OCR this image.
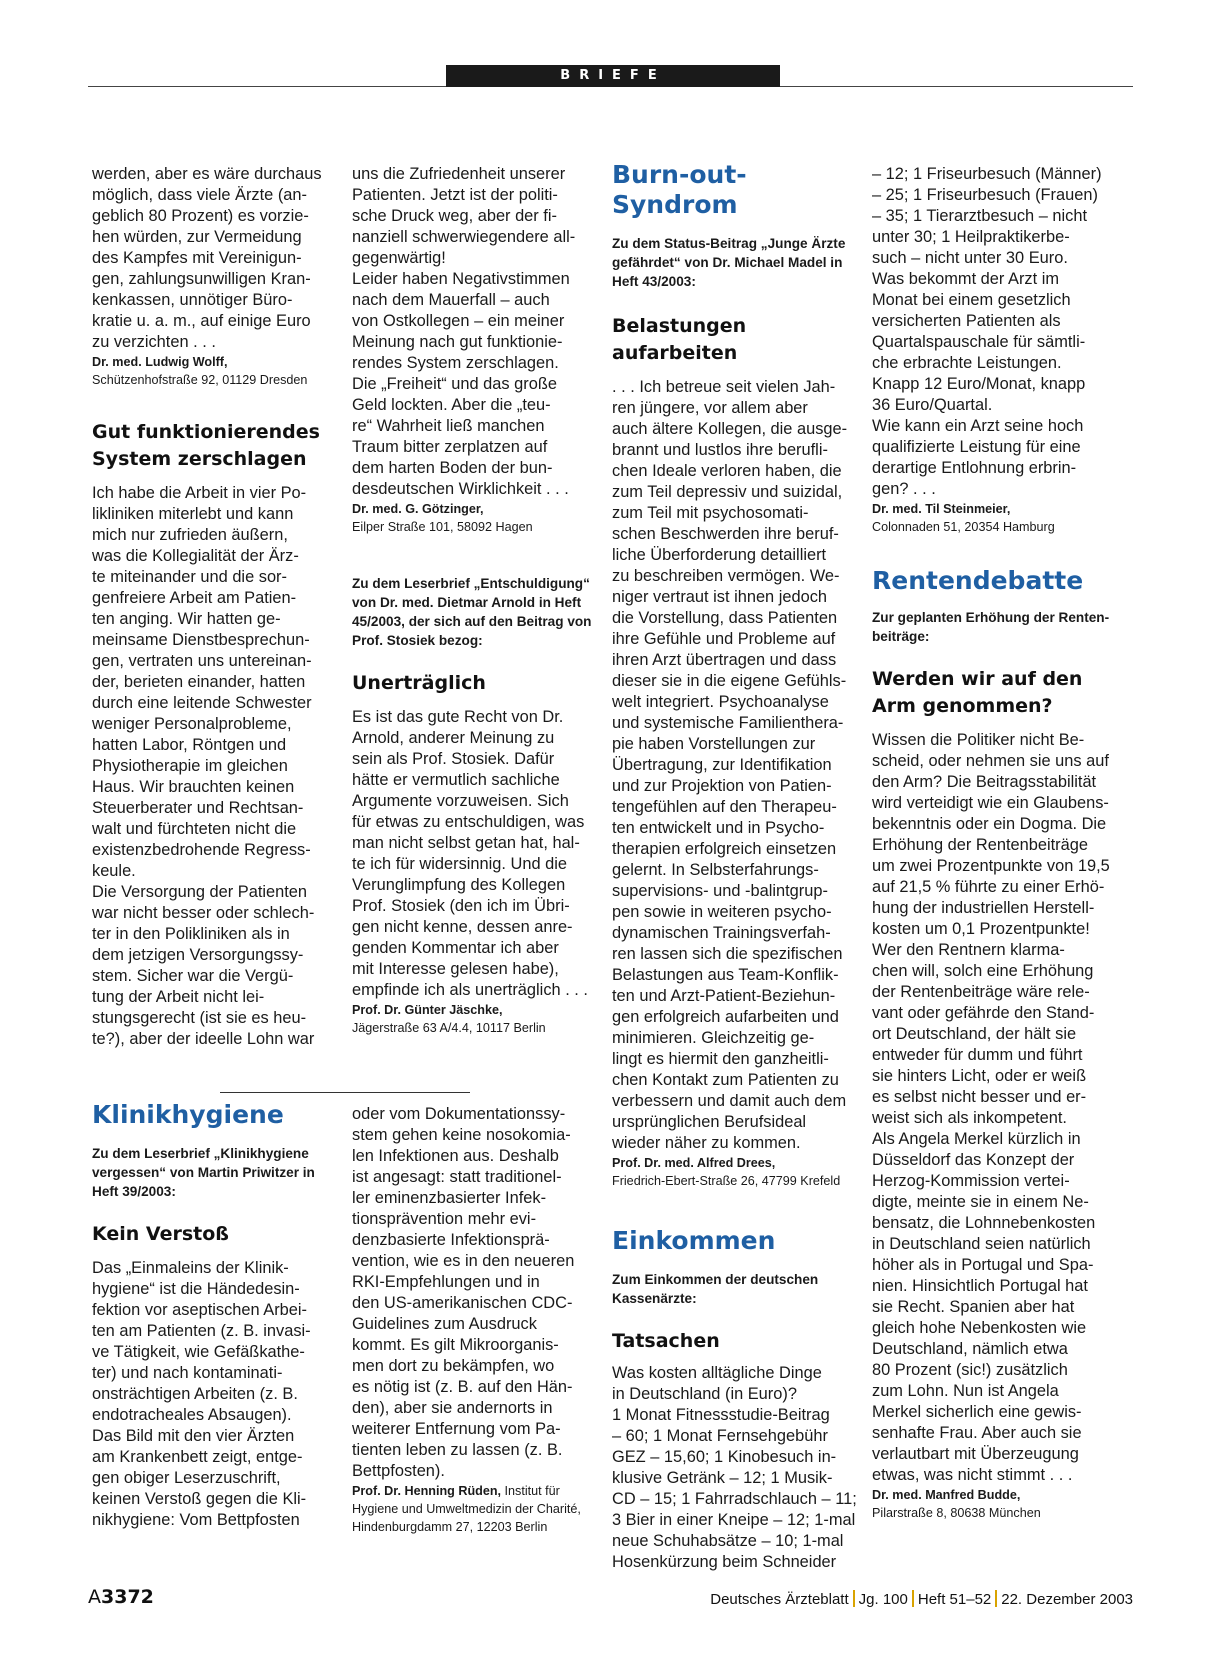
BRIEFE
werden, aber es wäre durchaus
möglich, dass viele Ärzte (an-
geblich 80 Prozent) es vorzie-
hen würden, zur Vermeidung
des Kampfes mit Vereinigun-
gen, zahlungsunwilligen Kran-
kenkassen, unnötiger Büro-
kratie u. a. m., auf einige Euro
zu verzichten . . .
Dr. med. Ludwig Wolff,
Schützenhofstraße 92, 01129 Dresden
Gut funktionierendes
System zerschlagen
Ich habe die Arbeit in vier Po-
likliniken miterlebt und kann
mich nur zufrieden äußern,
was die Kollegialität der Ärz-
te miteinander und die sor-
genfreiere Arbeit am Patien-
ten anging. Wir hatten ge-
meinsame Dienstbesprechun-
gen, vertraten uns untereinan-
der, berieten einander, hatten
durch eine leitende Schwester
weniger Personalprobleme,
hatten Labor, Röntgen und
Physiotherapie im gleichen
Haus. Wir brauchten keinen
Steuerberater und Rechtsan-
walt und fürchteten nicht die
existenzbedrohende Regress-
keule.
Die Versorgung der Patienten
war nicht besser oder schlech-
ter in den Polikliniken als in
dem jetzigen Versorgungssy-
stem. Sicher war die Vergü-
tung der Arbeit nicht lei-
stungsgerecht (ist sie es heu-
te?), aber der ideelle Lohn war
uns die Zufriedenheit unserer
Patienten. Jetzt ist der politi-
sche Druck weg, aber der fi-
nanziell schwerwiegendere all-
gegenwärtig!
Leider haben Negativstimmen
nach dem Mauerfall – auch
von Ostkollegen – ein meiner
Meinung nach gut funktionie-
rendes System zerschlagen.
Die „Freiheit“ und das große
Geld lockten. Aber die „teu-
re“ Wahrheit ließ manchen
Traum bitter zerplatzen auf
dem harten Boden der bun-
desdeutschen Wirklichkeit . . .
Dr. med. G. Götzinger,
Eilper Straße 101, 58092 Hagen
Zu dem Leserbrief „Entschuldigung“
von Dr. med. Dietmar Arnold in Heft
45/2003, der sich auf den Beitrag von
Prof. Stosiek bezog:
Unerträglich
Es ist das gute Recht von Dr.
Arnold, anderer Meinung zu
sein als Prof. Stosiek. Dafür
hätte er vermutlich sachliche
Argumente vorzuweisen. Sich
für etwas zu entschuldigen, was
man nicht selbst getan hat, hal-
te ich für widersinnig. Und die
Verunglimpfung des Kollegen
Prof. Stosiek (den ich im Übri-
gen nicht kenne, dessen anre-
genden Kommentar ich aber
mit Interesse gelesen habe),
empfinde ich als unerträglich . . .
Prof. Dr. Günter Jäschke,
Jägerstraße 63 A/4.4, 10117 Berlin
Klinikhygiene
Zu dem Leserbrief „Klinikhygiene
vergessen“ von Martin Priwitzer in
Heft 39/2003:
Kein Verstoß
Das „Einmaleins der Klinik-
hygiene“ ist die Händedesin-
fektion vor aseptischen Arbei-
ten am Patienten (z. B. invasi-
ve Tätigkeit, wie Gefäßkathe-
ter) und nach kontaminati-
onsträchtigen Arbeiten (z. B.
endotracheales Absaugen).
Das Bild mit den vier Ärzten
am Krankenbett zeigt, entge-
gen obiger Leserzuschrift,
keinen Verstoß gegen die Kli-
nikhygiene: Vom Bettpfosten
oder vom Dokumentationssy-
stem gehen keine nosokomia-
len Infektionen aus. Deshalb
ist angesagt: statt traditionel-
ler eminenzbasierter Infek-
tionsprävention mehr evi-
denzbasierte Infektionsprä-
vention, wie es in den neueren
RKI-Empfehlungen und in
den US-amerikanischen CDC-
Guidelines zum Ausdruck
kommt. Es gilt Mikroorganis-
men dort zu bekämpfen, wo
es nötig ist (z. B. auf den Hän-
den), aber sie andernorts in
weiterer Entfernung vom Pa-
tienten leben zu lassen (z. B.
Bettpfosten).
Prof. Dr. Henning Rüden, Institut für
Hygiene und Umweltmedizin der Charité,
Hindenburgdamm 27, 12203 Berlin
Burn-out-Syndrom
Zu dem Status-Beitrag „Junge Ärzte
gefährdet“ von Dr. Michael Madel in
Heft 43/2003:
Belastungen aufarbeiten
. . . Ich betreue seit vielen Jah-
ren jüngere, vor allem aber
auch ältere Kollegen, die ausge-
brannt und lustlos ihre berufli-
chen Ideale verloren haben, die
zum Teil depressiv und suizidal,
zum Teil mit psychosomati-
schen Beschwerden ihre beruf-
liche Überforderung detailliert
zu beschreiben vermögen. We-
niger vertraut ist ihnen jedoch
die Vorstellung, dass Patienten
ihre Gefühle und Probleme auf
ihren Arzt übertragen und dass
dieser sie in die eigene Gefühls-
welt integriert. Psychoanalyse
und systemische Familienthera-
pie haben Vorstellungen zur
Übertragung, zur Identifikation
und zur Projektion von Patien-
tengefühlen auf den Therapeu-
ten entwickelt und in Psycho-
therapien erfolgreich einsetzen
gelernt. In Selbsterfahrungs-
supervisions- und -balintgrup-
pen sowie in weiteren psycho-
dynamischen Trainingsverfah-
ren lassen sich die spezifischen
Belastungen aus Team-Konflik-
ten und Arzt-Patient-Beziehun-
gen erfolgreich aufarbeiten und
minimieren. Gleichzeitig ge-
lingt es hiermit den ganzheitli-
chen Kontakt zum Patienten zu
verbessern und damit auch dem
ursprünglichen Berufsideal
wieder näher zu kommen.
Prof. Dr. med. Alfred Drees,
Friedrich-Ebert-Straße 26, 47799 Krefeld
Einkommen
Zum Einkommen der deutschen
Kassenärzte:
Tatsachen
Was kosten alltägliche Dinge
in Deutschland (in Euro)?
1 Monat Fitnessstudie-Beitrag
– 60; 1 Monat Fernsehgebühr
GEZ – 15,60; 1 Kinobesuch in-
klusive Getränk – 12; 1 Musik-
CD – 15; 1 Fahrradschlauch – 11;
3 Bier in einer Kneipe – 12; 1-mal
neue Schuhabsätze – 10; 1-mal
Hosenkürzung beim Schneider
– 12; 1 Friseurbesuch (Männer)
– 25; 1 Friseurbesuch (Frauen)
– 35; 1 Tierarztbesuch – nicht
unter 30; 1 Heilpraktikerbe-
such – nicht unter 30 Euro.
Was bekommt der Arzt im
Monat bei einem gesetzlich
versicherten Patienten als
Quartalspauschale für sämtli-
che erbrachte Leistungen.
Knapp 12 Euro/Monat, knapp
36 Euro/Quartal.
Wie kann ein Arzt seine hoch
qualifizierte Leistung für eine
derartige Entlohnung erbrin-
gen? . . .
Dr. med. Til Steinmeier,
Colonnaden 51, 20354 Hamburg
Rentendebatte
Zur geplanten Erhöhung der Renten-
beiträge:
Werden wir auf den
Arm genommen?
Wissen die Politiker nicht Be-
scheid, oder nehmen sie uns auf
den Arm? Die Beitragsstabilität
wird verteidigt wie ein Glaubens-
bekenntnis oder ein Dogma. Die
Erhöhung der Rentenbeiträge
um zwei Prozentpunkte von 19,5
auf 21,5 % führte zu einer Erhö-
hung der industriellen Herstell-
kosten um 0,1 Prozentpunkte!
Wer den Rentnern klarma-
chen will, solch eine Erhöhung
der Rentenbeiträge wäre rele-
vant oder gefährde den Stand-
ort Deutschland, der hält sie
entweder für dumm und führt
sie hinters Licht, oder er weiß
es selbst nicht besser und er-
weist sich als inkompetent.
Als Angela Merkel kürzlich in
Düsseldorf das Konzept der
Herzog-Kommission vertei-
digte, meinte sie in einem Ne-
bensatz, die Lohnnebenkosten
in Deutschland seien natürlich
höher als in Portugal und Spa-
nien. Hinsichtlich Portugal hat
sie Recht. Spanien aber hat
gleich hohe Nebenkosten wie
Deutschland, nämlich etwa
80 Prozent (sic!) zusätzlich
zum Lohn. Nun ist Angela
Merkel sicherlich eine gewis-
senhafte Frau. Aber auch sie
verlautbart mit Überzeugung
etwas, was nicht stimmt . . .
Dr. med. Manfred Budde,
Pilarstraße 8, 80638 München
A3372	Deutsches Ärzteblatt Jg. 100 Heft 51–52 22. Dezember 2003
